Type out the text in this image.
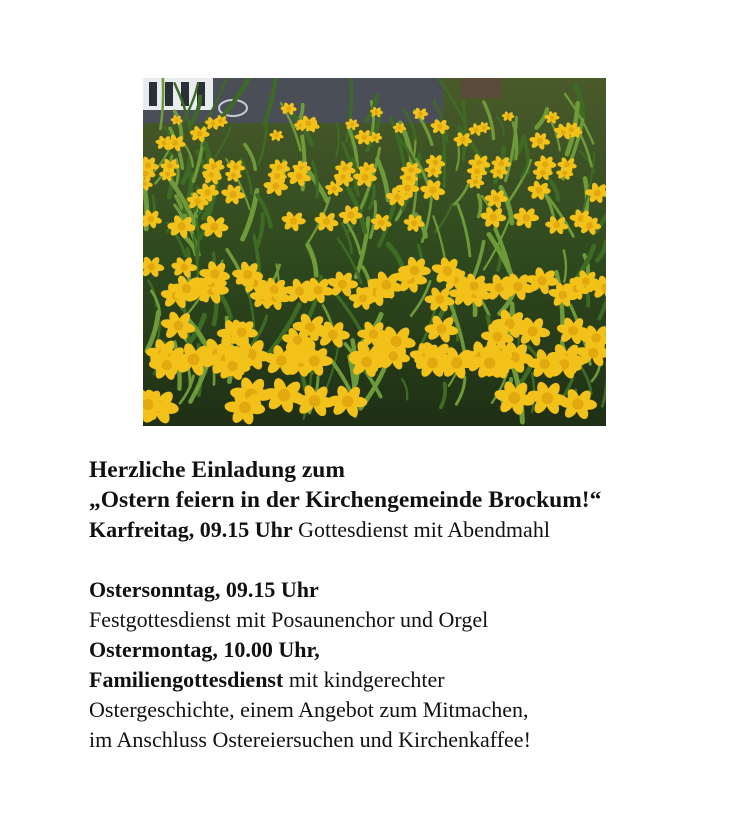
Herzliche Einladung zum
„Ostern feiern in der Kirchengemeinde Brockum!“
Karfreitag, 09.15 Uhr Gottesdienst mit Abendmahl
Ostersonntag, 09.15 Uhr
Festgottesdienst mit Posaunenchor und Orgel
Ostermontag, 10.00 Uhr,
Familiengottesdienst mit kindgerechter
Ostergeschichte, einem Angebot zum Mitmachen,
im Anschluss Ostereiersuchen und Kirchenkaffee!
